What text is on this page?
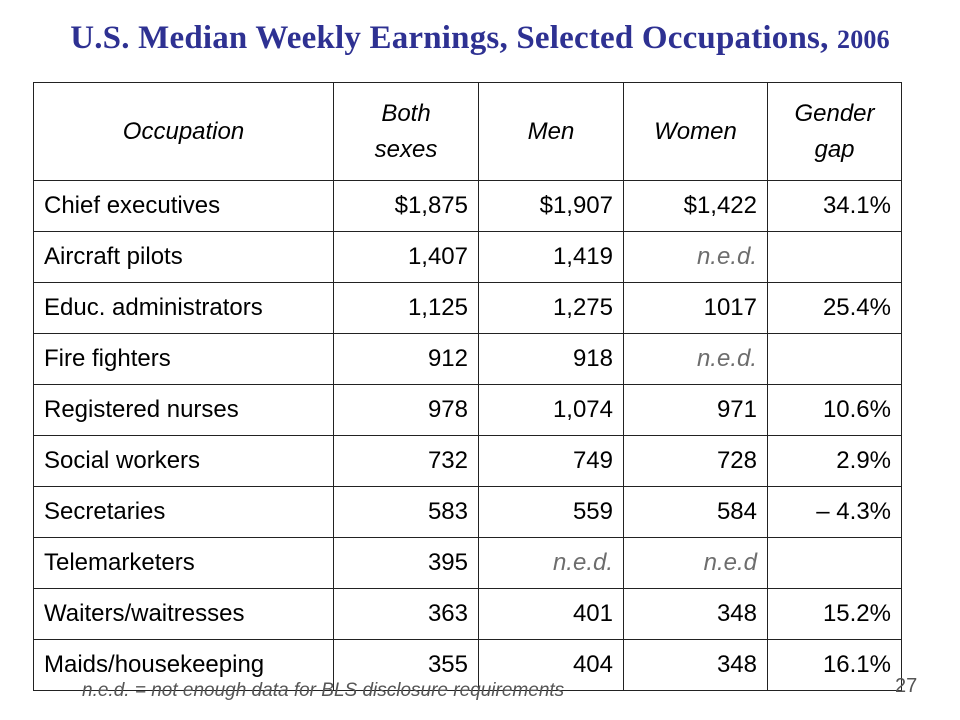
U.S. Median Weekly Earnings, Selected Occupations, 2006
Occupation	Both sexes	Men	Women	Gender gap
Chief executives	$1,875	$1,907	$1,422	34.1%
Aircraft pilots	1,407	1,419	n.e.d.	
Educ. administrators	1,125	1,275	1017	25.4%
Fire fighters	912	918	n.e.d.	
Registered nurses	978	1,074	971	10.6%
Social workers	732	749	728	2.9%
Secretaries	583	559	584	– 4.3%
Telemarketers	395	n.e.d.	n.e.d	
Waiters/waitresses	363	401	348	15.2%
Maids/housekeeping	355	404	348	16.1%
n.e.d. = not enough data for BLS disclosure requirements	27
